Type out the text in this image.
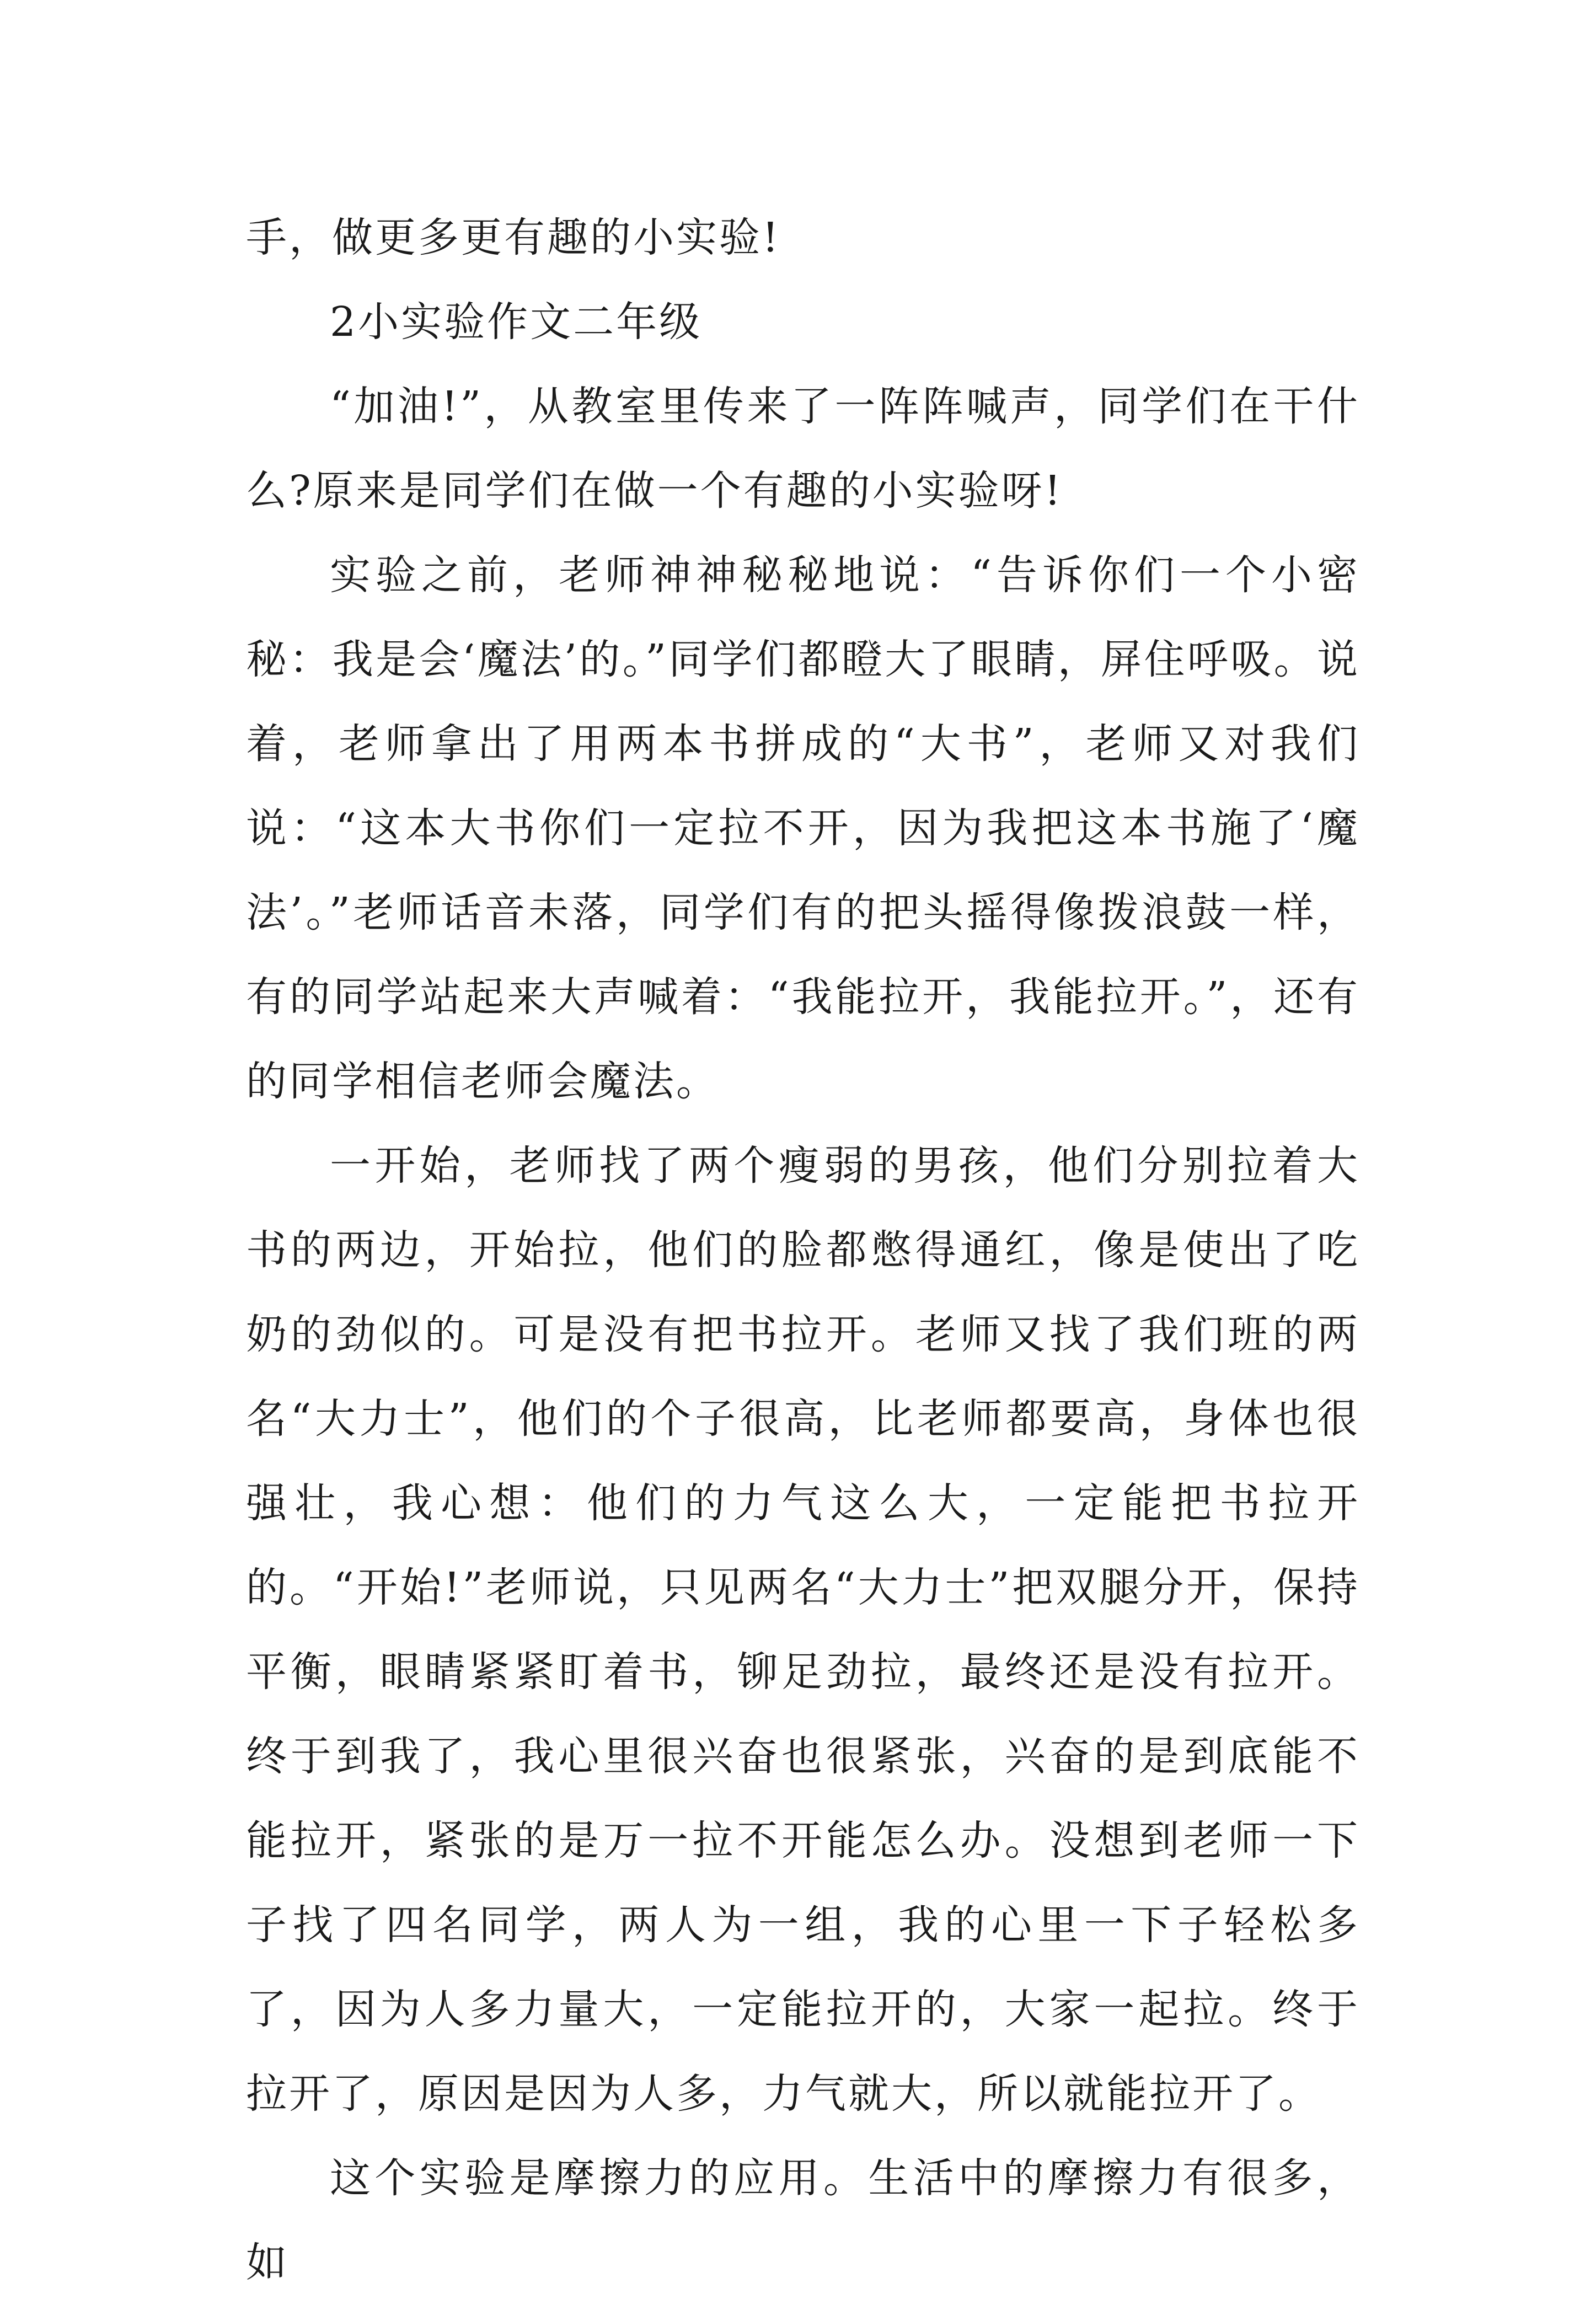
手，做更多更有趣的小实验!

2小实验作文二年级

“加油!”，从教室里传来了一阵阵喊声，同学们在干什么?原来是同学们在做一个有趣的小实验呀!

实验之前，老师神神秘秘地说：“告诉你们一个小密秘：我是会‘魔法’的。”同学们都瞪大了眼睛，屏住呼吸。说着，老师拿出了用两本书拼成的“大书”，老师又对我们说：“这本大书你们一定拉不开，因为我把这本书施了‘魔法’。”老师话音未落，同学们有的把头摇得像拨浪鼓一样，有的同学站起来大声喊着：“我能拉开，我能拉开。”，还有的同学相信老师会魔法。

一开始，老师找了两个瘦弱的男孩，他们分别拉着大书的两边，开始拉，他们的脸都憋得通红，像是使出了吃奶的劲似的。可是没有把书拉开。老师又找了我们班的两名“大力士”，他们的个子很高，比老师都要高，身体也很强壮，我心想：他们的力气这么大，一定能把书拉开的。“开始!”老师说，只见两名“大力士”把双腿分开，保持平衡，眼睛紧紧盯着书，铆足劲拉，最终还是没有拉开。终于到我了，我心里很兴奋也很紧张，兴奋的是到底能不能拉开，紧张的是万一拉不开能怎么办。没想到老师一下子找了四名同学，两人为一组，我的心里一下子轻松多了，因为人多力量大，一定能拉开的，大家一起拉。终于拉开了，原因是因为人多，力气就大，所以就能拉开了。

这个实验是摩擦力的应用。生活中的摩擦力有很多，如
